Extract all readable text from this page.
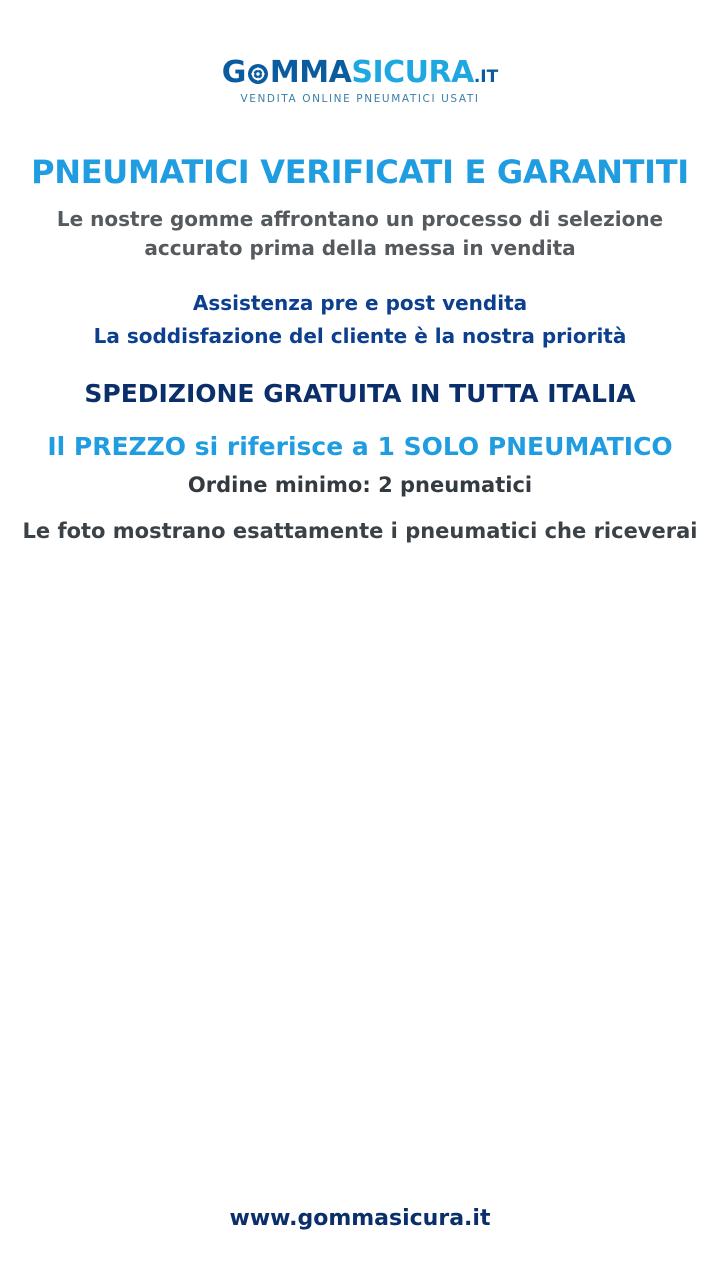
G MMASICURA.IT
VENDITA ONLINE PNEUMATICI USATI
PNEUMATICI VERIFICATI E GARANTITI
Le nostre gomme affrontano un processo di selezione
accurato prima della messa in vendita
Assistenza pre e post vendita
La soddisfazione del cliente è la nostra priorità
SPEDIZIONE GRATUITA IN TUTTA ITALIA
Il PREZZO si riferisce a 1 SOLO PNEUMATICO
Ordine minimo: 2 pneumatici
Le foto mostrano esattamente i pneumatici che riceverai
www.gommasicura.it
